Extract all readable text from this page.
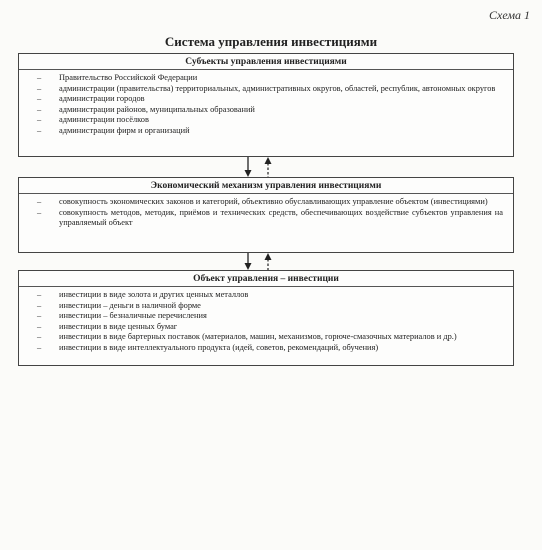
Схема 1
Система управления инвестициями
Субъекты управления инвестициями
– Правительство Российской Федерации
– администрации (правительства) территориальных, административных округов, областей, республик, автономных округов
– администрации городов
– администрации районов, муниципальных образований
– администрации посёлков
– администрации фирм и организаций
Экономический механизм управления инвестициями
– совокупность экономических законов и категорий, объективно обуславливающих управление объектом (инвестициями)
– совокупность методов, методик, приёмов и технических средств, обеспечивающих воздействие субъектов управления на управляемый объект
Объект управления – инвестиции
– инвестиции в виде золота и других ценных металлов
– инвестиции – деньги в наличной форме
– инвестиции – безналичные перечисления
– инвестиции в виде ценных бумаг
– инвестиции в виде бартерных поставок (материалов, машин, механизмов, горюче-смазочных материалов и др.)
– инвестиции в виде интеллектуального продукта (идей, советов, рекомендаций, обучения)
